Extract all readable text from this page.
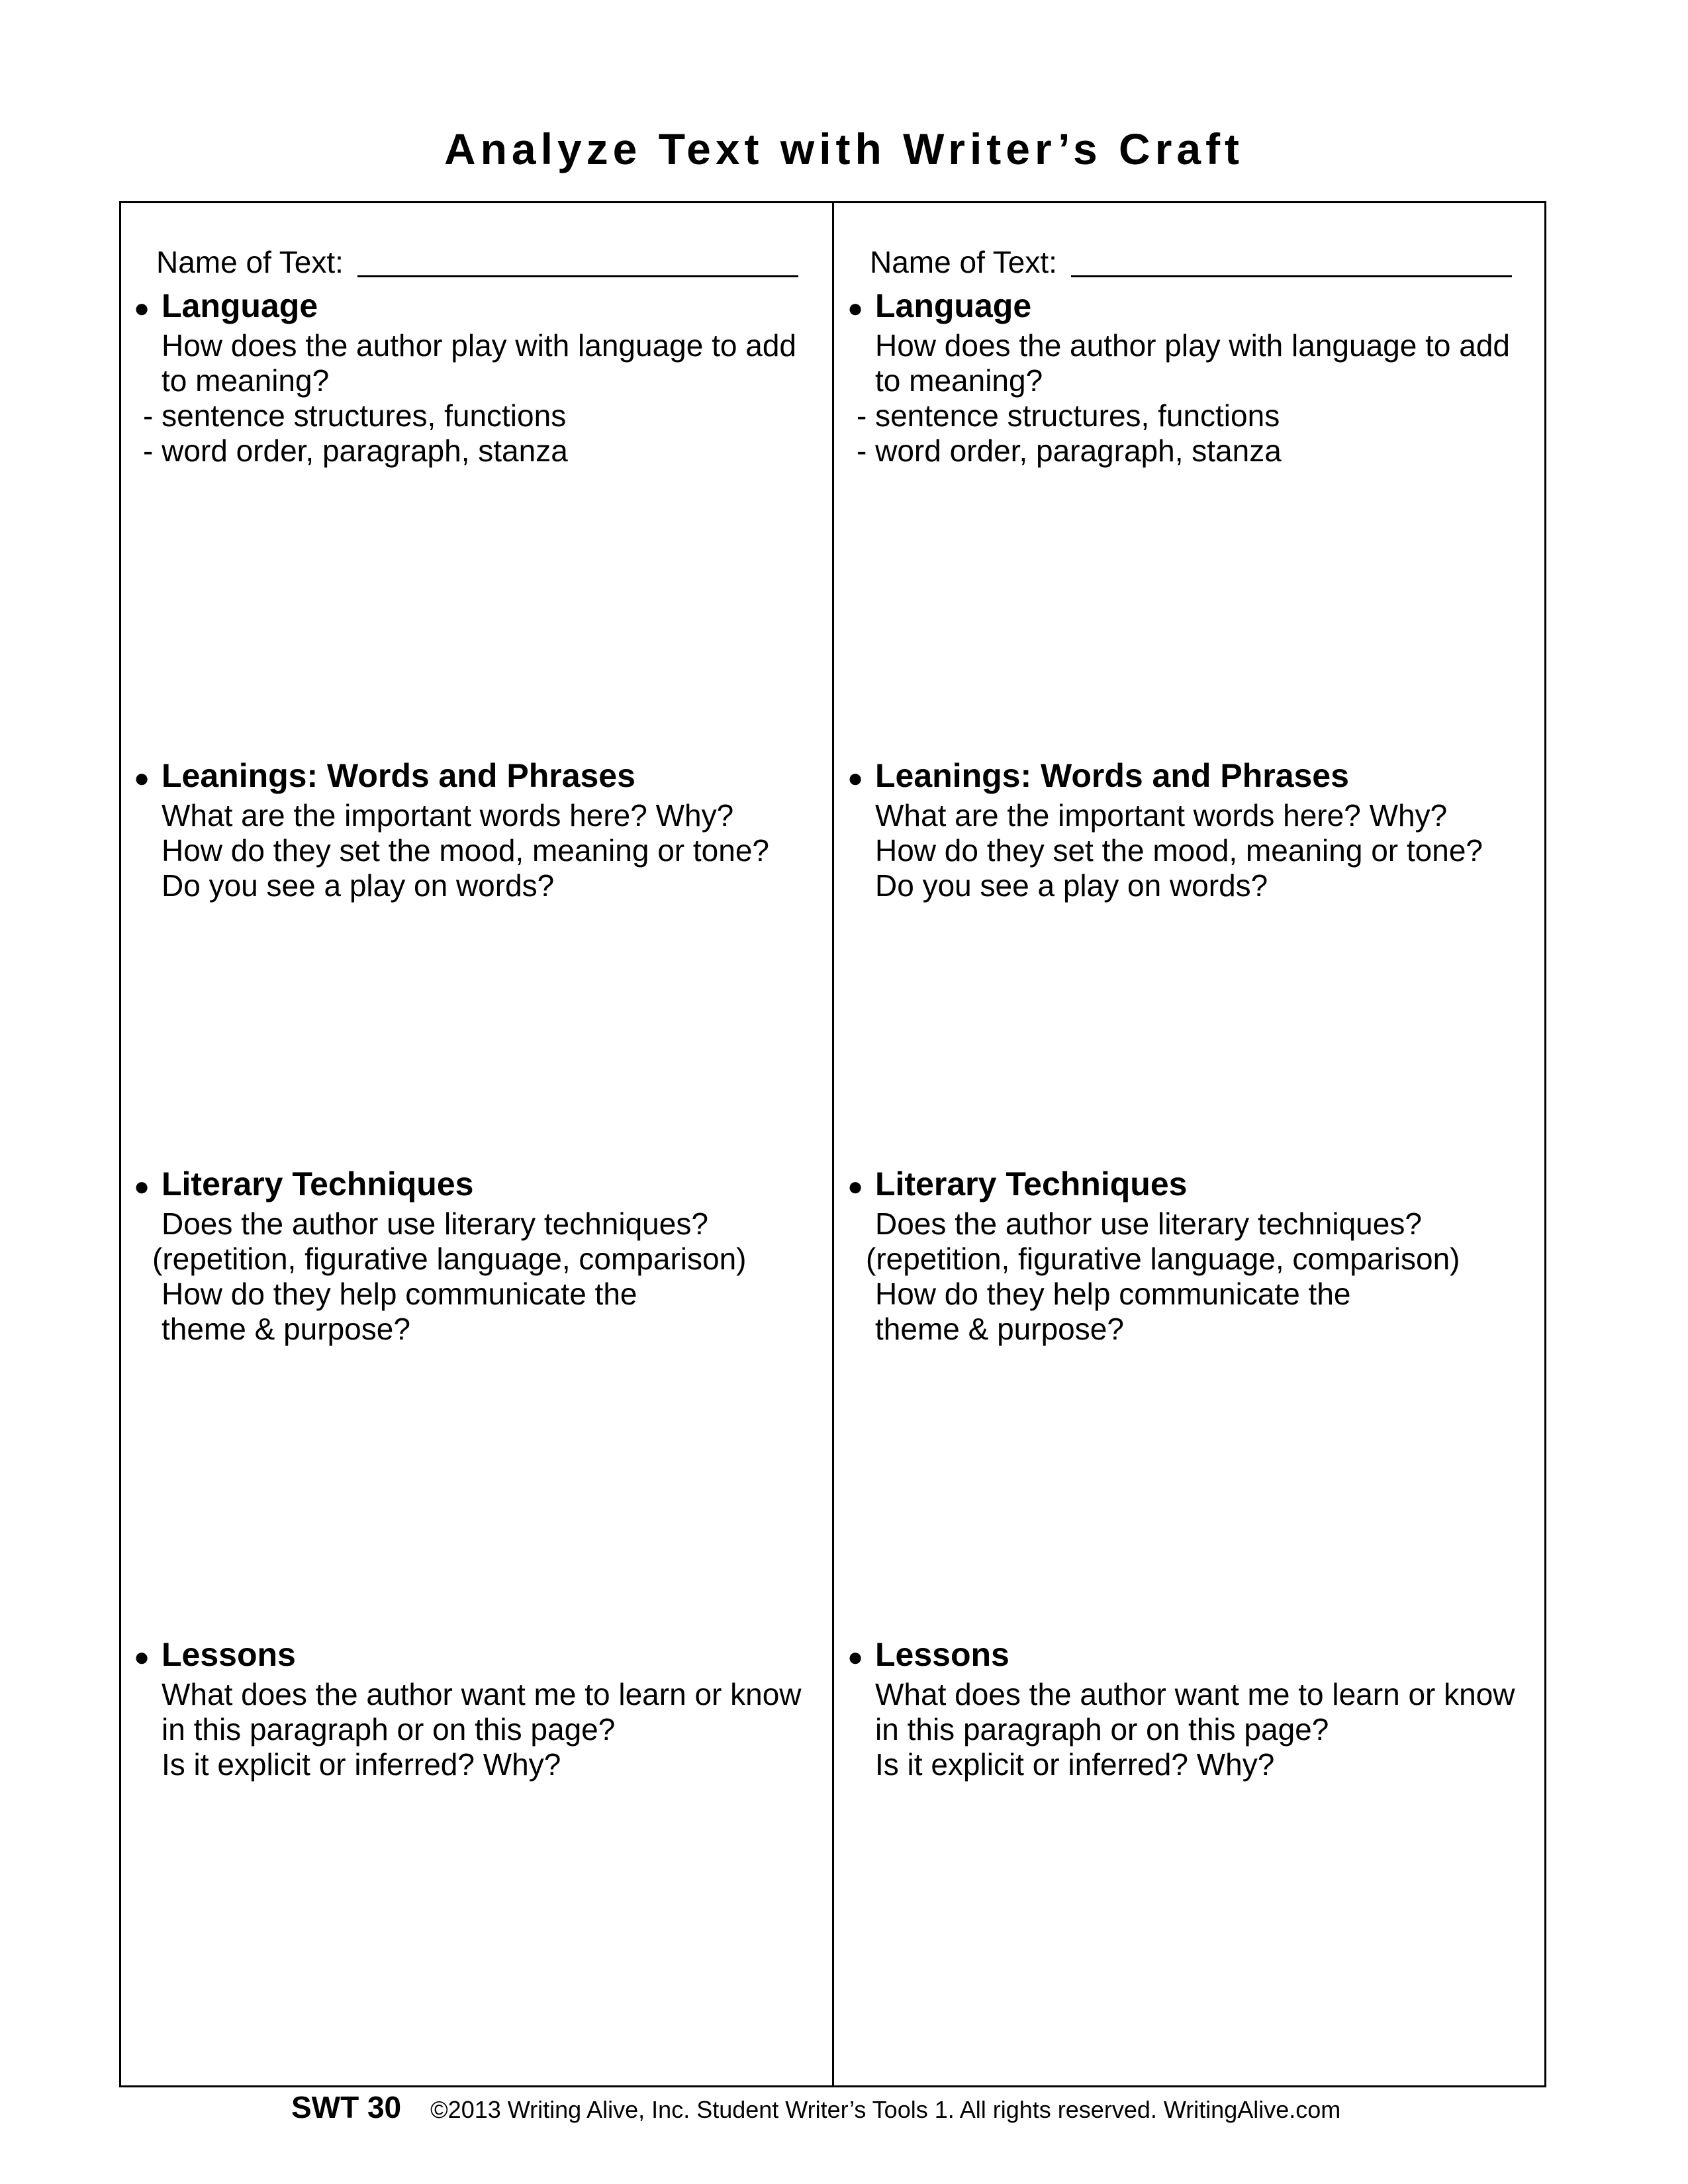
Analyze Text with Writer’s Craft
Name of Text:
● Language
How does the author play with language to add
to meaning?
- sentence structures, functions
- word order, paragraph, stanza
● Leanings: Words and Phrases
What are the important words here? Why?
How do they set the mood, meaning or tone?
Do you see a play on words?
● Literary Techniques
Does the author use literary techniques?
(repetition, figurative language, comparison)
How do they help communicate the
theme & purpose?
● Lessons
What does the author want me to learn or know
in this paragraph or on this page?
Is it explicit or inferred? Why?
Name of Text:
● Language
How does the author play with language to add
to meaning?
- sentence structures, functions
- word order, paragraph, stanza
● Leanings: Words and Phrases
What are the important words here? Why?
How do they set the mood, meaning or tone?
Do you see a play on words?
● Literary Techniques
Does the author use literary techniques?
(repetition, figurative language, comparison)
How do they help communicate the
theme & purpose?
● Lessons
What does the author want me to learn or know
in this paragraph or on this page?
Is it explicit or inferred? Why?
SWT 30 ©2013 Writing Alive, Inc. Student Writer’s Tools 1. All rights reserved. WritingAlive.com
